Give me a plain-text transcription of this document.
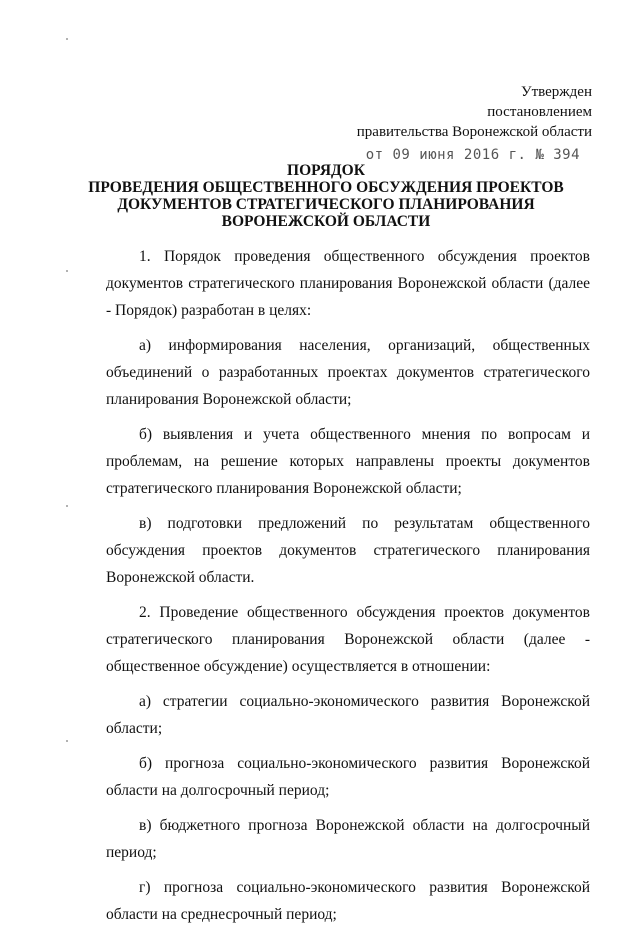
Утвержден
постановлением
правительства Воронежской области
от 09 июня 2016 г. № 394
ПОРЯДОК
ПРОВЕДЕНИЯ ОБЩЕСТВЕННОГО ОБСУЖДЕНИЯ ПРОЕКТОВ
ДОКУМЕНТОВ СТРАТЕГИЧЕСКОГО ПЛАНИРОВАНИЯ
ВОРОНЕЖСКОЙ ОБЛАСТИ

1. Порядок проведения общественного обсуждения проектов документов стратегического планирования Воронежской области (далее - Порядок) разработан в целях:

а) информирования населения, организаций, общественных объединений о разработанных проектах документов стратегического планирования Воронежской области;

б) выявления и учета общественного мнения по вопросам и проблемам, на решение которых направлены проекты документов стратегического планирования Воронежской области;

в) подготовки предложений по результатам общественного обсуждения проектов документов стратегического планирования Воронежской области.

2. Проведение общественного обсуждения проектов документов стратегического планирования Воронежской области (далее - общественное обсуждение) осуществляется в отношении:

а) стратегии социально-экономического развития Воронежской области;

б) прогноза социально-экономического развития Воронежской области на долгосрочный период;

в) бюджетного прогноза Воронежской области на долгосрочный период;

г) прогноза социально-экономического развития Воронежской области на среднесрочный период;
